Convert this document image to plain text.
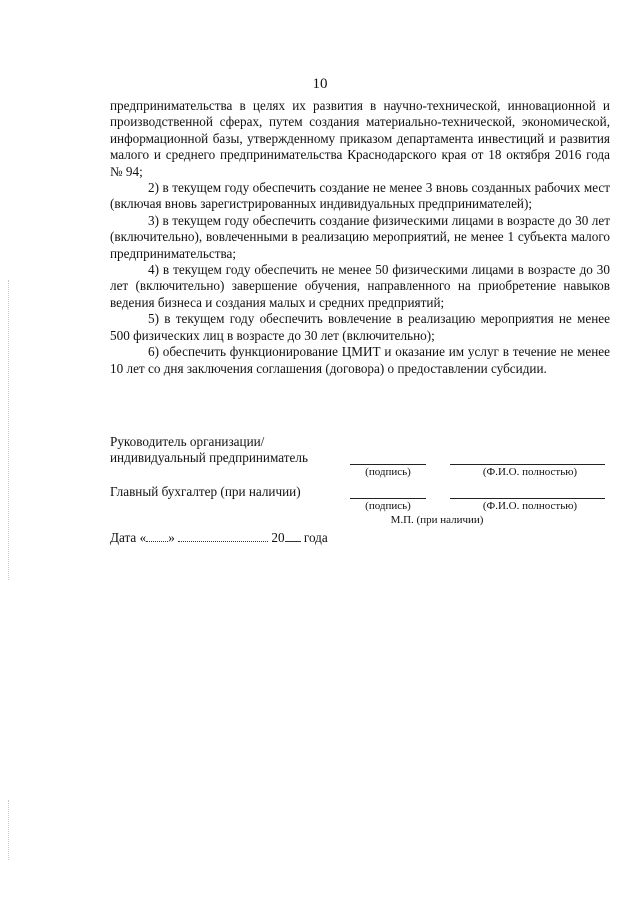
10

предпринимательства в целях их развития в научно-технической, инновационной и производственной сферах, путем создания материально-технической, экономической, информационной базы, утвержденному приказом департамента инвестиций и развития малого и среднего предпринимательства Краснодарского края от 18 октября 2016 года № 94;

2) в текущем году обеспечить создание не менее 3 вновь созданных рабочих мест (включая вновь зарегистрированных индивидуальных предпринимателей);

3) в текущем году обеспечить создание физическими лицами в возрасте до 30 лет (включительно), вовлеченными в реализацию мероприятий, не менее 1 субъекта малого предпринимательства;

4) в текущем году обеспечить не менее 50 физическими лицами в возрасте до 30 лет (включительно) завершение обучения, направленного на приобретение навыков ведения бизнеса и создания малых и средних предприятий;

5) в текущем году обеспечить вовлечение в реализацию мероприятия не менее 500 физических лиц в возрасте до 30 лет (включительно);

6) обеспечить функционирование ЦМИТ и оказание им услуг в течение не менее 10 лет со дня заключения соглашения (договора) о предоставлении субсидии.

Руководитель организации/
индивидуальный предприниматель
(подпись)	(Ф.И.О. полностью)
Главный бухгалтер (при наличии)
(подпись)	(Ф.И.О. полностью)
М.П. (при наличии)
Дата « »	20 года
